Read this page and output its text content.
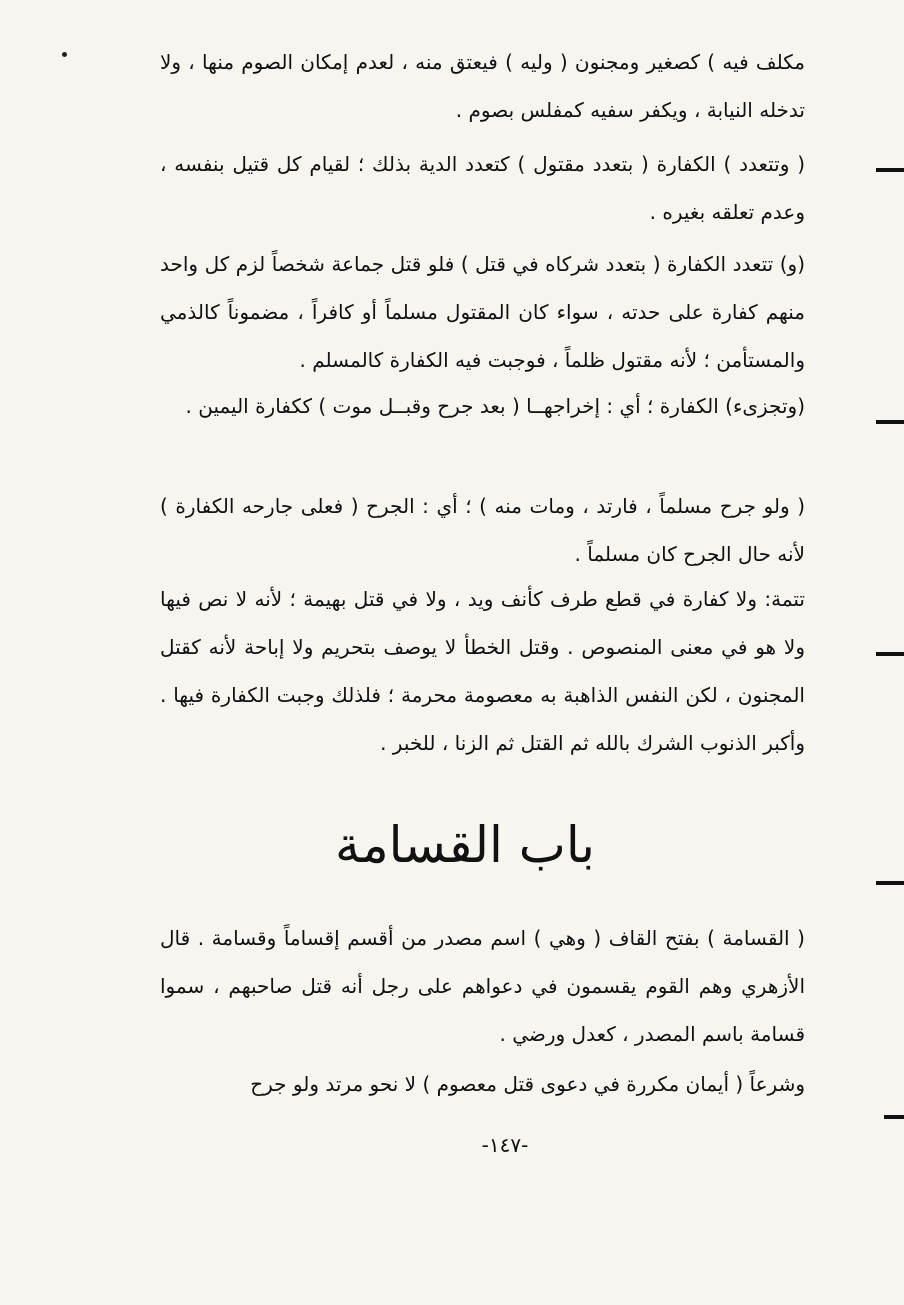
مكلف فيه ) كصغير ومجنون ( وليه ) فيعتق منه ، لعدم إمكان الصوم منها ، ولا تدخله النيابة ، ويكفر سفيه كمفلس بصوم .

( وتتعدد ) الكفارة ( بتعدد مقتول ) كتعدد الدية بذلك ؛ لقيام كل قتيل بنفسه ، وعدم تعلقه بغيره .

(و) تتعدد الكفارة ( بتعدد شركاه في قتل ) فلو قتل جماعة شخصاً لزم كل واحد منهم كفارة على حدته ، سواء كان المقتول مسلماً أو كافراً ، مضموناً كالذمي والمستأمن ؛ لأنه مقتول ظلماً ، فوجبت فيه الكفارة كالمسلم .

(وتجزىء) الكفارة ؛ أي : إخراجهــا ( بعد جرح وقبــل موت ) ككفارة اليمين .

( ولو جرح مسلماً ، فارتد ، ومات منه ) ؛ أي : الجرح ( فعلى جارحه الكفارة ) لأنه حال الجرح كان مسلماً .

تتمة: ولا كفارة في قطع طرف كأنف ويد ، ولا في قتل بهيمة ؛ لأنه لا نص فيها ولا هو في معنى المنصوص . وقتل الخطأ لا يوصف بتحريم ولا إباحة لأنه كقتل المجنون ، لكن النفس الذاهبة به معصومة محرمة ؛ فلذلك وجبت الكفارة فيها . وأكبر الذنوب الشرك بالله ثم القتل ثم الزنا ، للخبر .

باب القسامة

( القسامة ) بفتح القاف ( وهي ) اسم مصدر من أقسم إقساماً وقسامة . قال الأزهري وهم القوم يقسمون في دعواهم على رجل أنه قتل صاحبهم ، سموا قسامة باسم المصدر ، كعدل ورضي .

وشرعاً ( أيمان مكررة في دعوى قتل معصوم ) لا نحو مرتد ولو جرح

-١٤٧-
